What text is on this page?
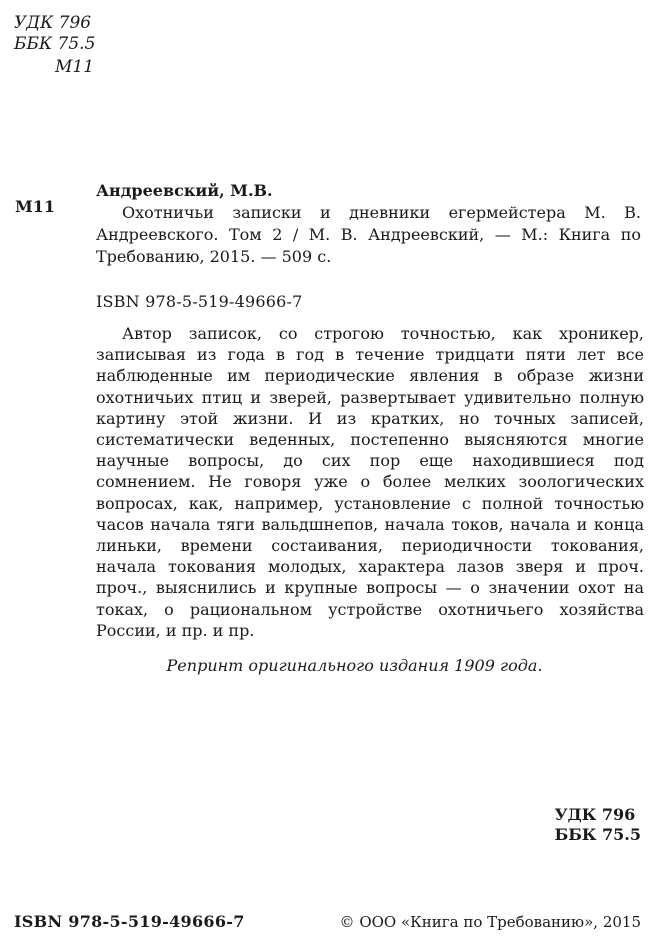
УДК 796
ББК 75.5
М11
М11
Андреевский, М.В.
Охотничьи записки и дневники егермейстера М. В. Андреевского. Том 2 / М. В. Андреевский, — М.: Книга по Требованию, 2015. — 509 с.
ISBN 978-5-519-49666-7
Автор записок, со строгою точностью, как хроникер, записывая из года в год в течение тридцати пяти лет все наблюденные им периодические явления в образе жизни охотничьих птиц и зверей, развертывает удивительно полную картину этой жизни. И из кратких, но точных записей, систематически веденных, постепенно выясняются многие научные вопросы, до сих пор еще находившиеся под сомнением. Не говоря уже о более мелких зоологических вопросах, как, например, установление с полной точностью часов начала тяги вальдшнепов, начала токов, начала и конца линьки, времени состаивания, периодичности токования, начала токования молодых, характера лазов зверя и проч. проч., выяснились и крупные вопросы — о значении охот на токах, о рациональном устройстве охотничьего хозяйства России, и пр. и пр.
Репринт оригинального издания 1909 года.
УДК 796
ББК 75.5
ISBN 978-5-519-49666-7	© ООО «Книга по Требованию», 2015
